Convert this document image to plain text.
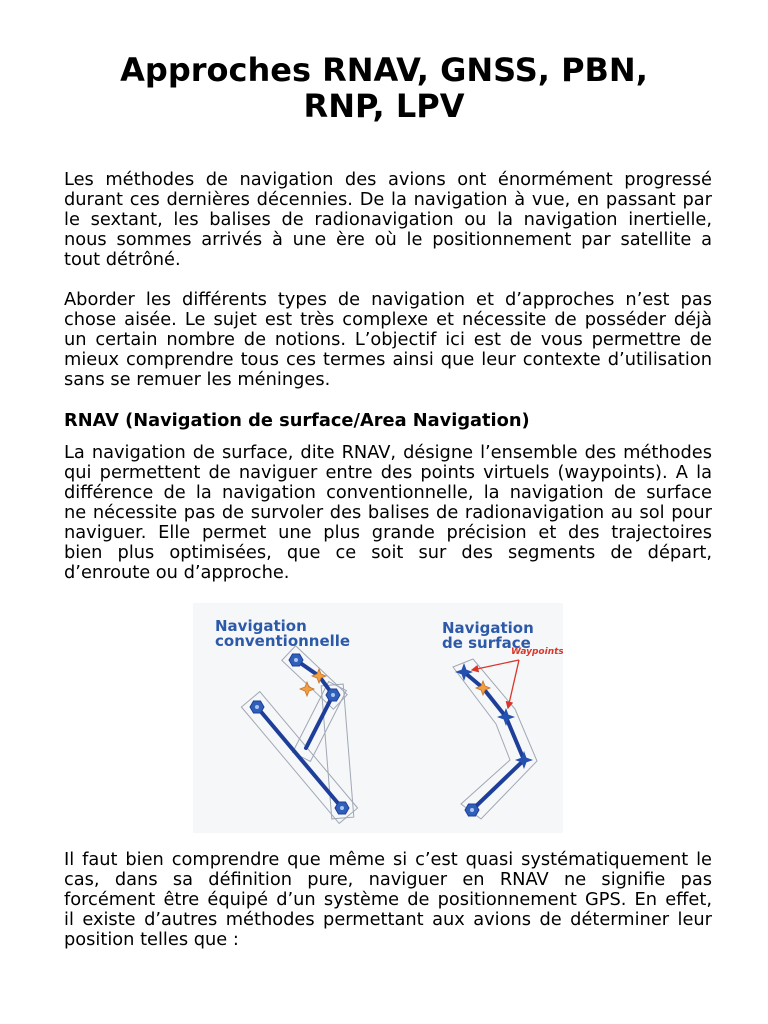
Approches RNAV, GNSS, PBN,
RNP, LPV
Les méthodes de navigation des avions ont énormément progressé
durant ces dernières décennies. De la navigation à vue, en passant par
le sextant, les balises de radionavigation ou la navigation inertielle,
nous sommes arrivés à une ère où le positionnement par satellite a
tout détrôné.
Aborder les différents types de navigation et d’approches n’est pas
chose aisée. Le sujet est très complexe et nécessite de posséder déjà
un certain nombre de notions. L’objectif ici est de vous permettre de
mieux comprendre tous ces termes ainsi que leur contexte d’utilisation
sans se remuer les méninges.
RNAV (Navigation de surface/Area Navigation)
La navigation de surface, dite RNAV, désigne l’ensemble des méthodes
qui permettent de naviguer entre des points virtuels (waypoints). A la
différence de la navigation conventionnelle, la navigation de surface
ne nécessite pas de survoler des balises de radionavigation au sol pour
naviguer. Elle permet une plus grande précision et des trajectoires
bien plus optimisées, que ce soit sur des segments de départ,
d’enroute ou d’approche.
Navigation
conventionnelle
Navigation
de surface
Waypoints
Il faut bien comprendre que même si c’est quasi systématiquement le
cas, dans sa définition pure, naviguer en RNAV ne signifie pas
forcément être équipé d’un système de positionnement GPS. En effet,
il existe d’autres méthodes permettant aux avions de déterminer leur
position telles que :
